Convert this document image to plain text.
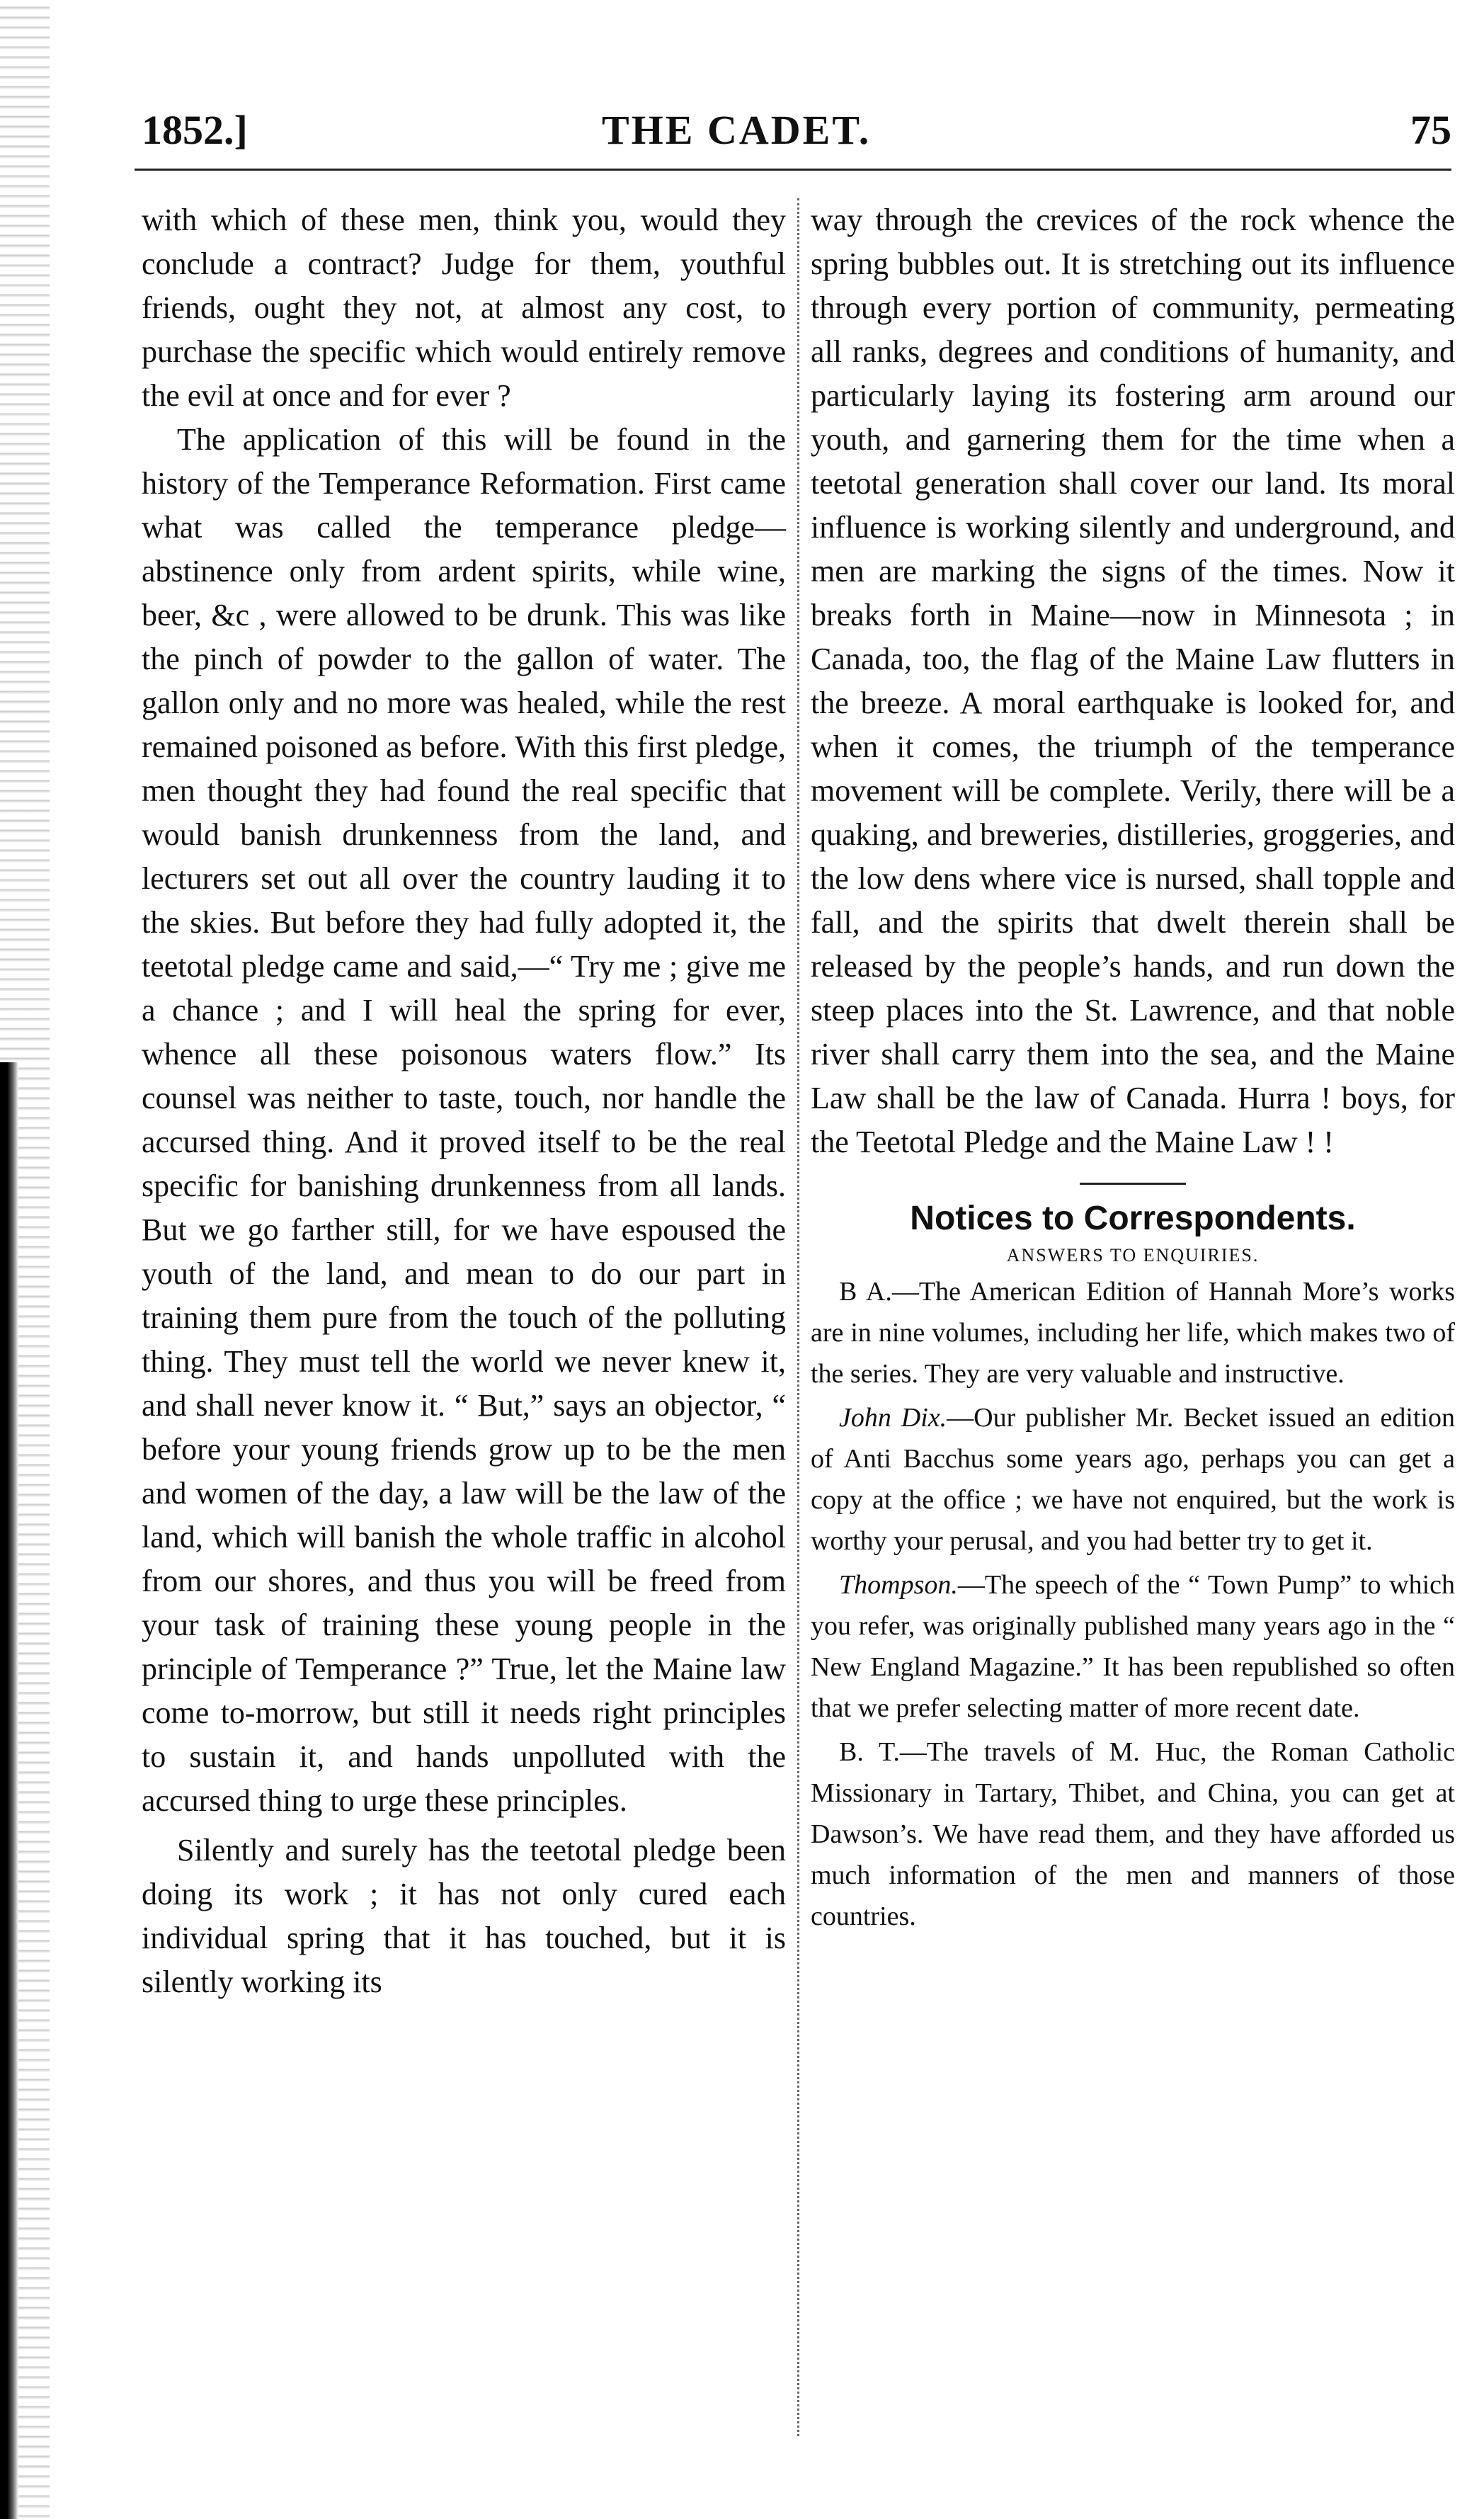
1852.]	THE CADET.	75

with which of these men, think you, would they conclude a contract? Judge for them, youthful friends, ought they not, at almost any cost, to purchase the specific which would entirely remove the evil at once and for ever ?

The application of this will be found in the history of the Temperance Reformation. First came what was called the temperance pledge—abstinence only from ardent spirits, while wine, beer, &c , were allowed to be drunk. This was like the pinch of powder to the gallon of water. The gallon only and no more was healed, while the rest remained poisoned as before. With this first pledge, men thought they had found the real specific that would banish drunkenness from the land, and lecturers set out all over the country lauding it to the skies. But before they had fully adopted it, the teetotal pledge came and said,—“ Try me ; give me a chance ; and I will heal the spring for ever, whence all these poisonous waters flow.” Its counsel was neither to taste, touch, nor handle the accursed thing. And it proved itself to be the real specific for banishing drunkenness from all lands. But we go farther still, for we have espoused the youth of the land, and mean to do our part in training them pure from the touch of the polluting thing. They must tell the world we never knew it, and shall never know it. “ But,” says an objector, “ before your young friends grow up to be the men and women of the day, a law will be the law of the land, which will banish the whole traffic in alcohol from our shores, and thus you will be freed from your task of training these young people in the principle of Temperance ?” True, let the Maine law come to-morrow, but still it needs right principles to sustain it, and hands unpolluted with the accursed thing to urge these principles.

Silently and surely has the teetotal pledge been doing its work ; it has not only cured each individual spring that it has touched, but it is silently working its

way through the crevices of the rock whence the spring bubbles out. It is stretching out its influence through every portion of community, permeating all ranks, degrees and conditions of humanity, and particularly laying its fostering arm around our youth, and garnering them for the time when a teetotal generation shall cover our land. Its moral influence is working silently and underground, and men are marking the signs of the times. Now it breaks forth in Maine—now in Minnesota ; in Canada, too, the flag of the Maine Law flutters in the breeze. A moral earthquake is looked for, and when it comes, the triumph of the temperance movement will be complete. Verily, there will be a quaking, and breweries, distilleries, groggeries, and the low dens where vice is nursed, shall topple and fall, and the spirits that dwelt therein shall be released by the people’s hands, and run down the steep places into the St. Lawrence, and that noble river shall carry them into the sea, and the Maine Law shall be the law of Canada. Hurra ! boys, for the Teetotal Pledge and the Maine Law ! !

Notices to Correspondents.

ANSWERS TO ENQUIRIES.

B A.—The American Edition of Hannah More’s works are in nine volumes, including her life, which makes two of the series. They are very valuable and instructive.

John Dix.—Our publisher Mr. Becket issued an edition of Anti Bacchus some years ago, perhaps you can get a copy at the office ; we have not enquired, but the work is worthy your perusal, and you had better try to get it.

Thompson.—The speech of the “ Town Pump” to which you refer, was originally published many years ago in the “ New England Magazine.” It has been republished so often that we prefer selecting matter of more recent date.

B. T.—The travels of M. Huc, the Roman Catholic Missionary in Tartary, Thibet, and China, you can get at Dawson’s. We have read them, and they have afforded us much information of the men and manners of those countries.
